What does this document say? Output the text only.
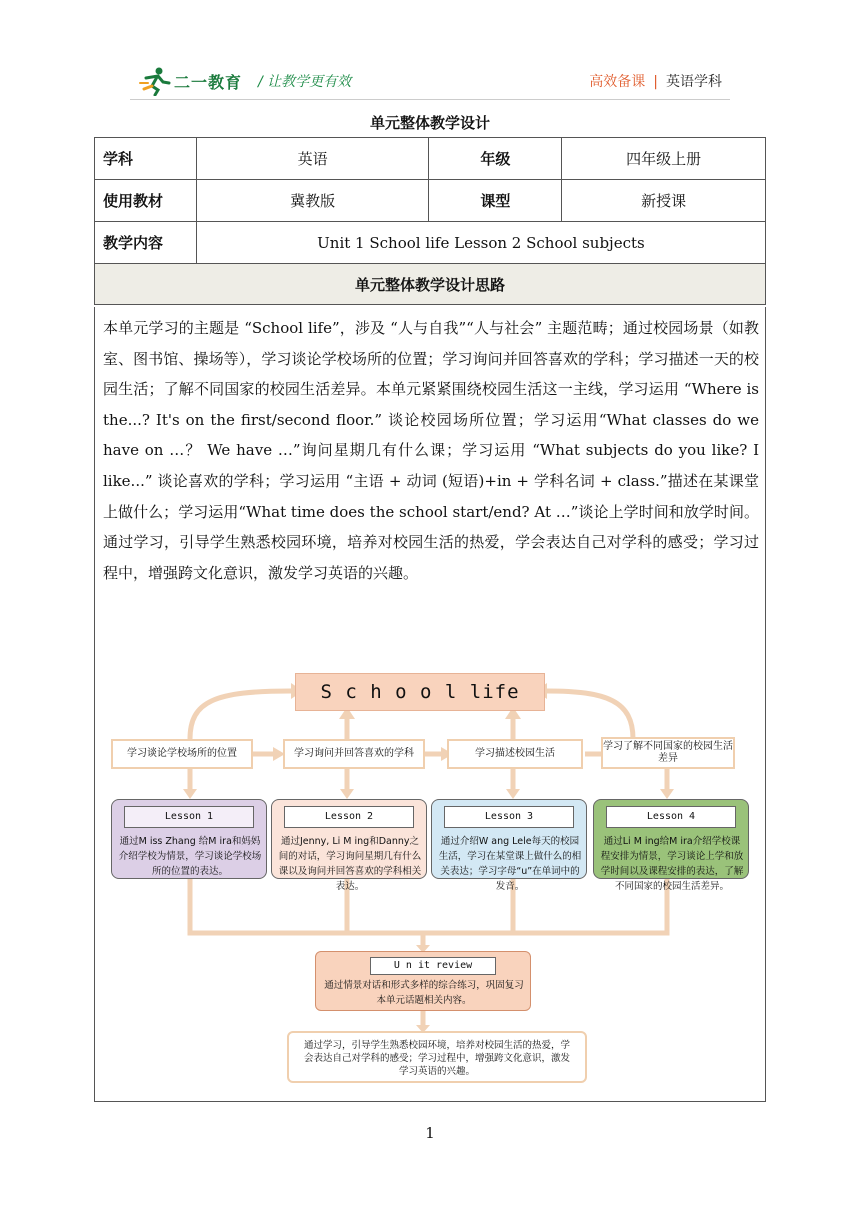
二一教育 / 让教学更有效	高效备课 | 英语学科
单元整体教学设计
学科	英语	年级	四年级上册
使用教材	冀教版	课型	新授课
教学内容	Unit 1 School life Lesson 2 School subjects		
单元整体教学设计思路			
本单元学习的主题是 “School life”，涉及 “人与自我”“人与社会” 主题范畴；通过校园场景（如教室、图书馆、操场等），学习谈论学校场所的位置；学习询问并回答喜欢的学科；学习描述一天的校园生活；了解不同国家的校园生活差异。本单元紧紧围绕校园生活这一主线，学习运用 “Where is the...? It's on the first/second floor.” 谈论校园场所位置；学习运用“What classes do we have on …？ We have …”询问星期几有什么课；学习运用 “What subjects do you like? I like...” 谈论喜欢的学科；学习运用 “主语 + 动词 (短语)+in + 学科名词 + class.”描述在某课堂上做什么；学习运用“What time does the school start/end? At …”谈论上学时间和放学时间。通过学习，引导学生熟悉校园环境，培养对校园生活的热爱，学会表达自己对学科的感受；学习过程中，增强跨文化意识，激发学习英语的兴趣。
S c h o o l life
学习谈论学校场所的位置	学习询问并回答喜欢的学科	学习描述校园生活
学习了解不同国家的校园生活差异
Lesson 1
通过M iss Zhang 给M ira和妈妈介绍学校为情景，学习谈论学校场所的位置的表达。
Lesson 2
通过Jenny, Li M ing和Danny之间的对话，学习询问星期几有什么课以及询问并回答喜欢的学科相关表达。
Lesson 3
通过介绍W ang Lele每天的校园生活，学习在某堂课上做什么的相关表达；学习字母“u”在单词中的发音。
Lesson 4
通过Li M ing给M ira介绍学校课程安排为情景，学习谈论上学和放学时间以及课程安排的表达，了解不同国家的校园生活差异。
U n it review
通过情景对话和形式多样的综合练习，巩固复习本单元话题相关内容。
通过学习，引导学生熟悉校园环境，培养对校园生活的热爱，学会表达自己对学科的感受；学习过程中，增强跨文化意识，激发学习英语的兴趣。
1
